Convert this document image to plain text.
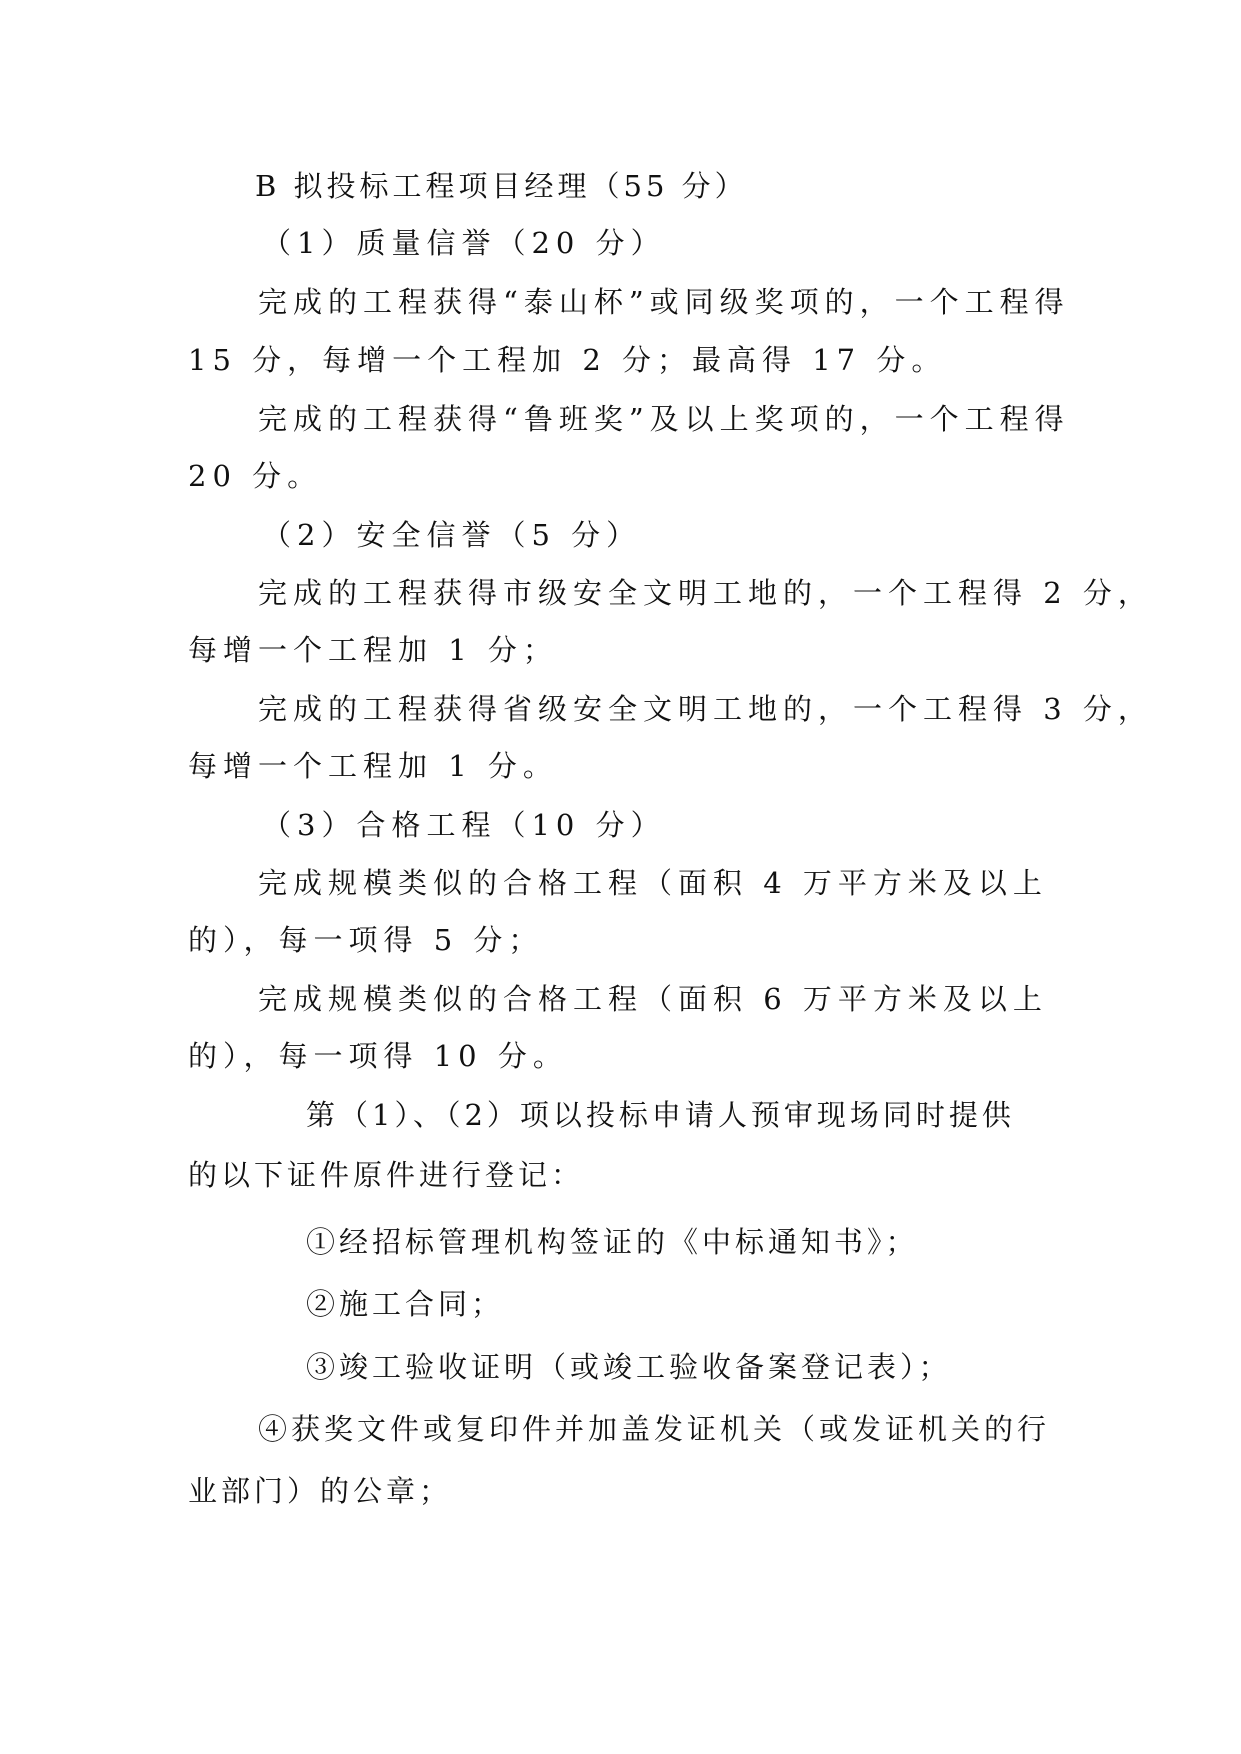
B 拟投标工程项目经理（55 分）
（1）质量信誉（20 分）
完成的工程获得“泰山杯”或同级奖项的，一个工程得
15 分，每增一个工程加 2 分；最高得 17 分。
完成的工程获得“鲁班奖”及以上奖项的，一个工程得
20 分。
（2）安全信誉（5 分）
完成的工程获得市级安全文明工地的，一个工程得 2 分，
每增一个工程加 1 分；
完成的工程获得省级安全文明工地的，一个工程得 3 分，
每增一个工程加 1 分。
（3）合格工程（10 分）
完成规模类似的合格工程（面积 4 万平方米及以上
的），每一项得 5 分；
完成规模类似的合格工程（面积 6 万平方米及以上
的），每一项得 10 分。
第（1）、（2）项以投标申请人预审现场同时提供
的以下证件原件进行登记：
①经招标管理机构签证的《中标通知书》；
②施工合同；
③竣工验收证明（或竣工验收备案登记表）；
④获奖文件或复印件并加盖发证机关（或发证机关的行
业部门）的公章；
